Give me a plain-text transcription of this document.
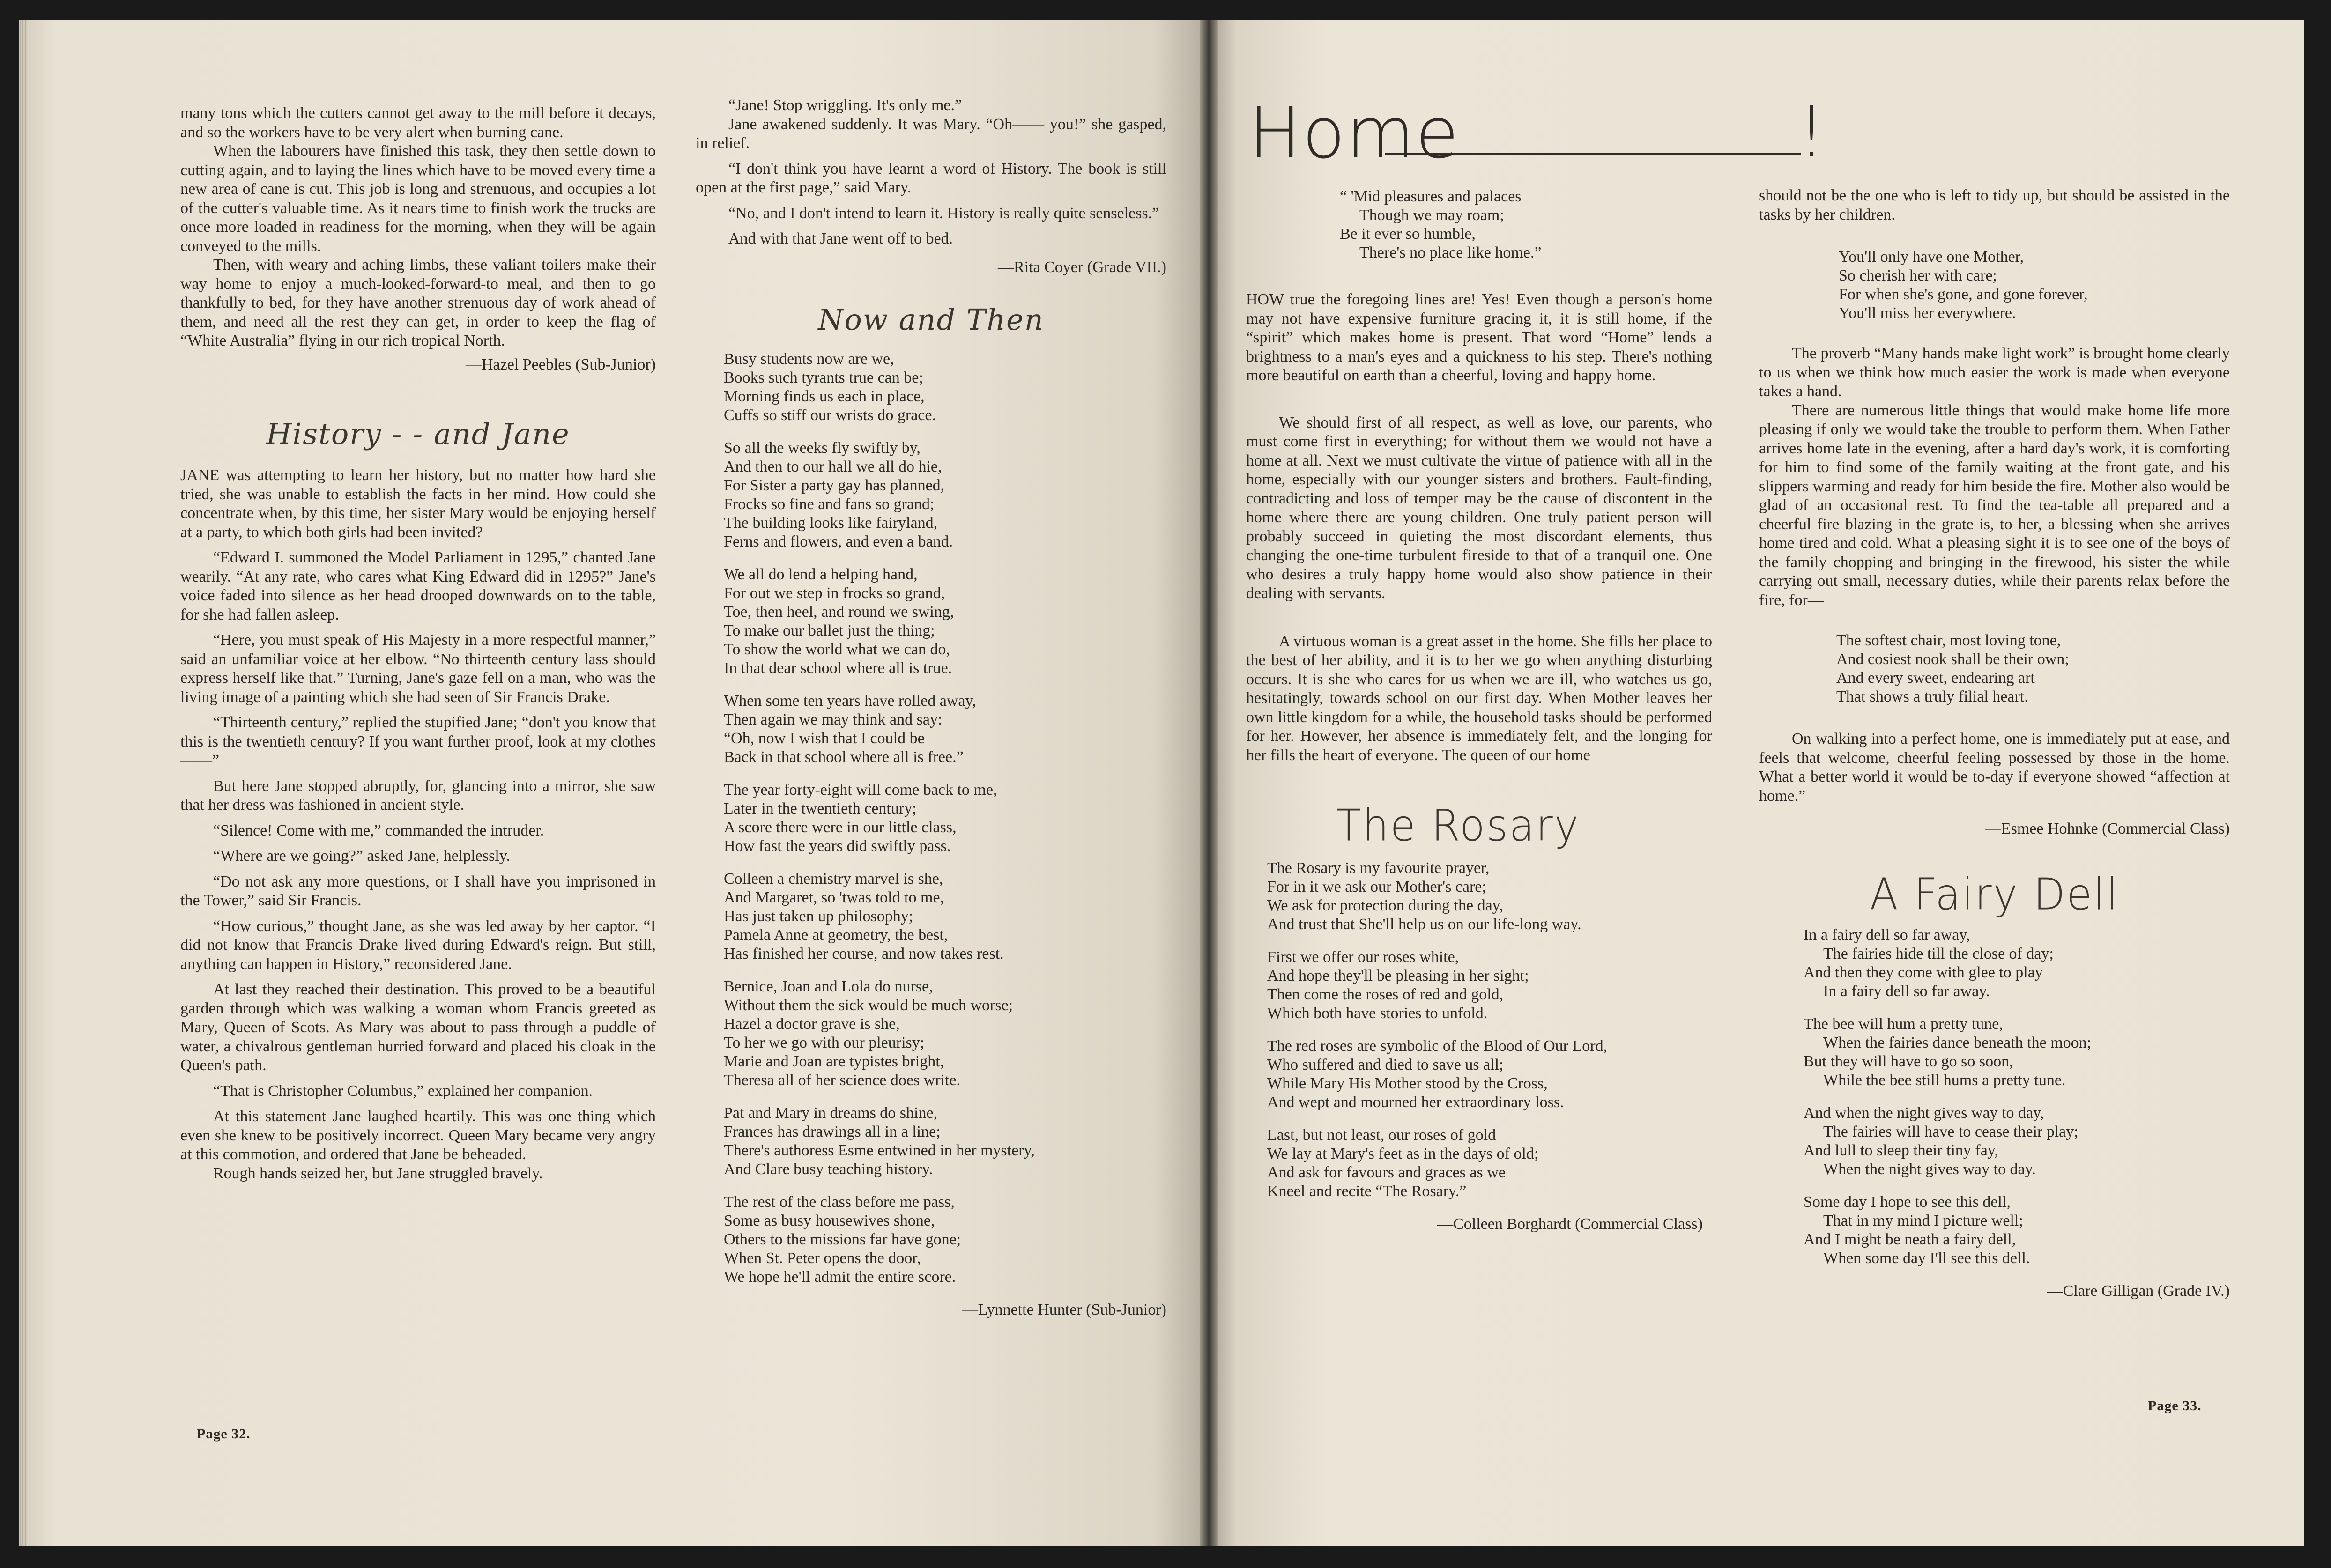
many tons which the cutters cannot get away to the mill before it decays, and so the workers have to be very alert when burning cane.

When the labourers have finished this task, they then settle down to cutting again, and to laying the lines which have to be moved every time a new area of cane is cut. This job is long and strenuous, and occupies a lot of the cutter's valuable time. As it nears time to finish work the trucks are once more loaded in readiness for the morning, when they will be again conveyed to the mills.

Then, with weary and aching limbs, these valiant toilers make their way home to enjoy a much-looked-forward-to meal, and then to go thankfully to bed, for they have another strenuous day of work ahead of them, and need all the rest they can get, in order to keep the flag of “White Australia” flying in our rich tropical North.

—Hazel Peebles (Sub-Junior)
History - - and Jane

JANE was attempting to learn her history, but no matter how hard she tried, she was unable to establish the facts in her mind. How could she concentrate when, by this time, her sister Mary would be enjoying herself at a party, to which both girls had been invited?

“Edward I. summoned the Model Parliament in 1295,” chanted Jane wearily. “At any rate, who cares what King Edward did in 1295?” Jane's voice faded into silence as her head drooped downwards on to the table, for she had fallen asleep.

“Here, you must speak of His Majesty in a more respectful manner,” said an unfamiliar voice at her elbow. “No thirteenth century lass should express herself like that.” Turning, Jane's gaze fell on a man, who was the living image of a painting which she had seen of Sir Francis Drake.

“Thirteenth century,” replied the stupified Jane; “don't you know that this is the twentieth century? If you want further proof, look at my clothes——”

But here Jane stopped abruptly, for, glancing into a mirror, she saw that her dress was fashioned in ancient style.

“Silence! Come with me,” commanded the intruder.

“Where are we going?” asked Jane, helplessly.

“Do not ask any more questions, or I shall have you imprisoned in the Tower,” said Sir Francis.

“How curious,” thought Jane, as she was led away by her captor. “I did not know that Francis Drake lived during Edward's reign. But still, anything can happen in History,” reconsidered Jane.

At last they reached their destination. This proved to be a beautiful garden through which was walking a woman whom Francis greeted as Mary, Queen of Scots. As Mary was about to pass through a puddle of water, a chivalrous gentleman hurried forward and placed his cloak in the Queen's path.

“That is Christopher Columbus,” explained her companion.

At this statement Jane laughed heartily. This was one thing which even she knew to be positively incorrect. Queen Mary became very angry at this commotion, and ordered that Jane be beheaded.

Rough hands seized her, but Jane struggled bravely.

“Jane! Stop wriggling. It's only me.”

Jane awakened suddenly. It was Mary. “Oh—— you!” she gasped, in relief.

“I don't think you have learnt a word of History. The book is still open at the first page,” said Mary.

“No, and I don't intend to learn it. History is really quite senseless.”

And with that Jane went off to bed.

—Rita Coyer (Grade VII.)
Now and Then
Busy students now are we,
Books such tyrants true can be;
Morning finds us each in place,
Cuffs so stiff our wrists do grace.
So all the weeks fly swiftly by,
And then to our hall we all do hie,
For Sister a party gay has planned,
Frocks so fine and fans so grand;
The building looks like fairyland,
Ferns and flowers, and even a band.
We all do lend a helping hand,
For out we step in frocks so grand,
Toe, then heel, and round we swing,
To make our ballet just the thing;
To show the world what we can do,
In that dear school where all is true.
When some ten years have rolled away,
Then again we may think and say:
“Oh, now I wish that I could be
Back in that school where all is free.”
The year forty-eight will come back to me,
Later in the twentieth century;
A score there were in our little class,
How fast the years did swiftly pass.
Colleen a chemistry marvel is she,
And Margaret, so 'twas told to me,
Has just taken up philosophy;
Pamela Anne at geometry, the best,
Has finished her course, and now takes rest.
Bernice, Joan and Lola do nurse,
Without them the sick would be much worse;
Hazel a doctor grave is she,
To her we go with our pleurisy;
Marie and Joan are typistes bright,
Theresa all of her science does write.
Pat and Mary in dreams do shine,
Frances has drawings all in a line;
There's authoress Esme entwined in her mystery,
And Clare busy teaching history.
The rest of the class before me pass,
Some as busy housewives shone,
Others to the missions far have gone;
When St. Peter opens the door,
We hope he'll admit the entire score.
—Lynnette Hunter (Sub-Junior)
Page 32.
Home	!
“ 'Mid pleasures and palaces
Though we may roam;
Be it ever so humble,
There's no place like home.”

HOW true the foregoing lines are! Yes! Even though a person's home may not have expensive furniture gracing it, it is still home, if the “spirit” which makes home is present. That word “Home” lends a brightness to a man's eyes and a quickness to his step. There's nothing more beautiful on earth than a cheerful, loving and happy home.

We should first of all respect, as well as love, our parents, who must come first in everything; for without them we would not have a home at all. Next we must cultivate the virtue of patience with all in the home, especially with our younger sisters and brothers. Fault-finding, contradicting and loss of temper may be the cause of discontent in the home where there are young children. One truly patient person will probably succeed in quieting the most discordant elements, thus changing the one-time turbulent fireside to that of a tranquil one. One who desires a truly happy home would also show patience in their dealing with servants.

A virtuous woman is a great asset in the home. She fills her place to the best of her ability, and it is to her we go when anything disturbing occurs. It is she who cares for us when we are ill, who watches us go, hesitatingly, towards school on our first day. When Mother leaves her own little kingdom for a while, the household tasks should be performed for her. However, her absence is immediately felt, and the longing for her fills the heart of everyone. The queen of our home

The Rosary
The Rosary is my favourite prayer,
For in it we ask our Mother's care;
We ask for protection during the day,
And trust that She'll help us on our life-long way.
First we offer our roses white,
And hope they'll be pleasing in her sight;
Then come the roses of red and gold,
Which both have stories to unfold.
The red roses are symbolic of the Blood of Our Lord,
Who suffered and died to save us all;
While Mary His Mother stood by the Cross,
And wept and mourned her extraordinary loss.
Last, but not least, our roses of gold
We lay at Mary's feet as in the days of old;
And ask for favours and graces as we
Kneel and recite “The Rosary.”
—Colleen Borghardt (Commercial Class)

should not be the one who is left to tidy up, but should be assisted in the tasks by her children.

You'll only have one Mother,
So cherish her with care;
For when she's gone, and gone forever,
You'll miss her everywhere.

The proverb “Many hands make light work” is brought home clearly to us when we think how much easier the work is made when everyone takes a hand.

There are numerous little things that would make home life more pleasing if only we would take the trouble to perform them. When Father arrives home late in the evening, after a hard day's work, it is comforting for him to find some of the family waiting at the front gate, and his slippers warming and ready for him beside the fire. Mother also would be glad of an occasional rest. To find the tea-table all prepared and a cheerful fire blazing in the grate is, to her, a blessing when she arrives home tired and cold. What a pleasing sight it is to see one of the boys of the family chopping and bringing in the firewood, his sister the while carrying out small, necessary duties, while their parents relax before the fire, for—

The softest chair, most loving tone,
And cosiest nook shall be their own;
And every sweet, endearing art
That shows a truly filial heart.

On walking into a perfect home, one is immediately put at ease, and feels that welcome, cheerful feeling possessed by those in the home. What a better world it would be to-day if everyone showed “affection at home.”

—Esmee Hohnke (Commercial Class)
A Fairy Dell
In a fairy dell so far away,
The fairies hide till the close of day;
And then they come with glee to play
In a fairy dell so far away.
The bee will hum a pretty tune,
When the fairies dance beneath the moon;
But they will have to go so soon,
While the bee still hums a pretty tune.
And when the night gives way to day,
The fairies will have to cease their play;
And lull to sleep their tiny fay,
When the night gives way to day.
Some day I hope to see this dell,
That in my mind I picture well;
And I might be neath a fairy dell,
When some day I'll see this dell.
—Clare Gilligan (Grade IV.)
Page 33.
